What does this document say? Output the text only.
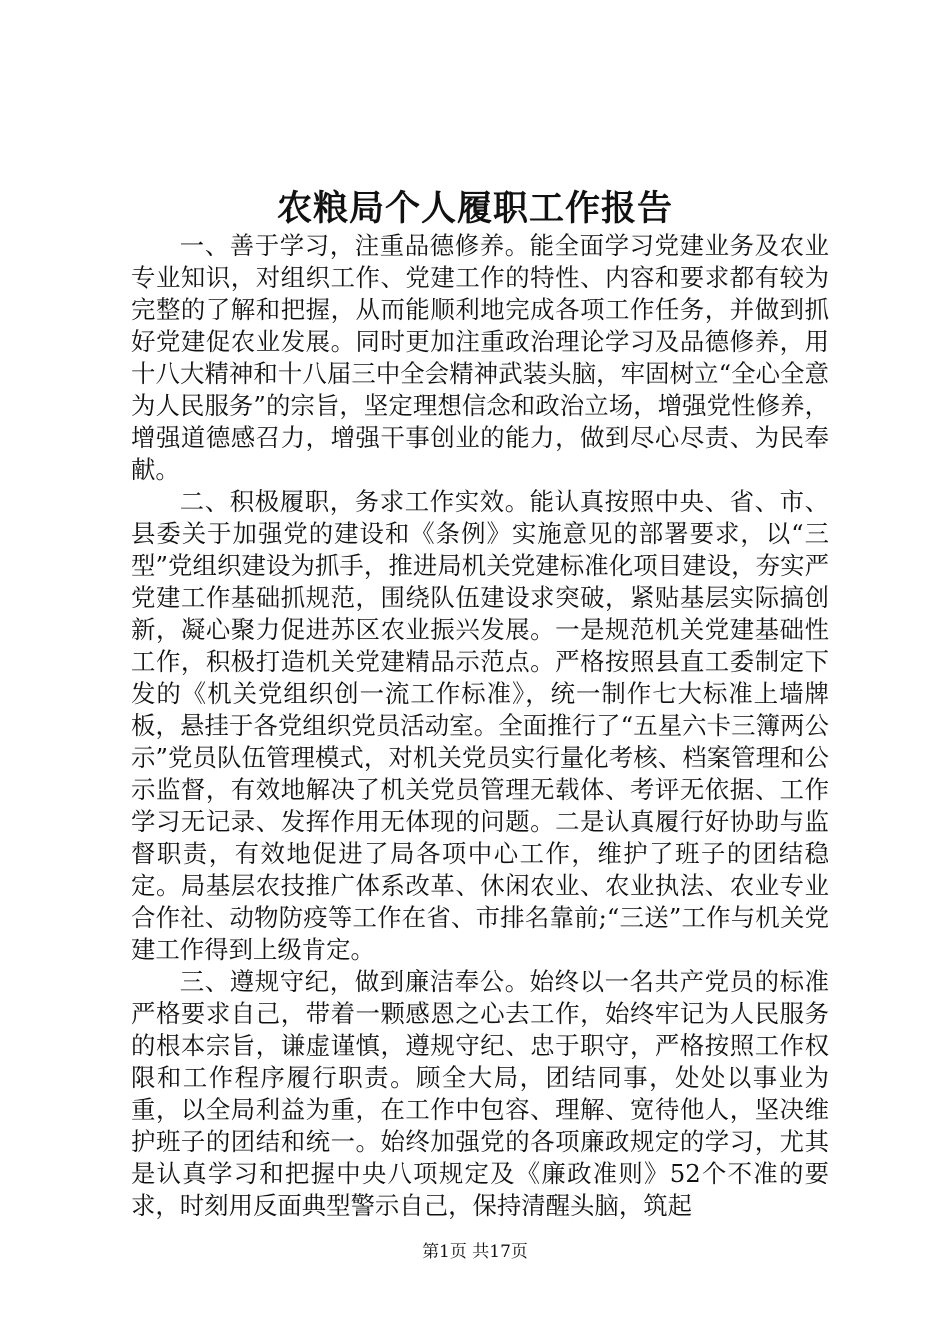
农粮局个人履职工作报告

一、善于学习，注重品德修养。能全面学习党建业务及农业专业知识，对组织工作、党建工作的特性、内容和要求都有较为完整的了解和把握，从而能顺利地完成各项工作任务，并做到抓好党建促农业发展。同时更加注重政治理论学习及品德修养，用十八大精神和十八届三中全会精神武装头脑，牢固树立“全心全意为人民服务”的宗旨，坚定理想信念和政治立场，增强党性修养，增强道德感召力，增强干事创业的能力，做到尽心尽责、为民奉献。

二、积极履职，务求工作实效。能认真按照中央、省、市、县委关于加强党的建设和《条例》实施意见的部署要求，以“三型”党组织建设为抓手，推进局机关党建标准化项目建设，夯实严党建工作基础抓规范，围绕队伍建设求突破，紧贴基层实际搞创新，凝心聚力促进苏区农业振兴发展。一是规范机关党建基础性工作，积极打造机关党建精品示范点。严格按照县直工委制定下发的《机关党组织创一流工作标准》，统一制作七大标准上墙牌板，悬挂于各党组织党员活动室。全面推行了“五星六卡三簿两公示”党员队伍管理模式，对机关党员实行量化考核、档案管理和公示监督，有效地解决了机关党员管理无载体、考评无依据、工作学习无记录、发挥作用无体现的问题。二是认真履行好协助与监督职责，有效地促进了局各项中心工作，维护了班子的团结稳定。局基层农技推广体系改革、休闲农业、农业执法、农业专业合作社、动物防疫等工作在省、市排名靠前;“三送”工作与机关党建工作得到上级肯定。

三、遵规守纪，做到廉洁奉公。始终以一名共产党员的标准严格要求自己，带着一颗感恩之心去工作，始终牢记为人民服务的根本宗旨，谦虚谨慎，遵规守纪、忠于职守，严格按照工作权限和工作程序履行职责。顾全大局，团结同事，处处以事业为重，以全局利益为重，在工作中包容、理解、宽待他人，坚决维护班子的团结和统一。始终加强党的各项廉政规定的学习，尤其是认真学习和把握中央八项规定及《廉政准则》52个不准的要求，时刻用反面典型警示自己，保持清醒头脑，筑起

第1页 共17页
